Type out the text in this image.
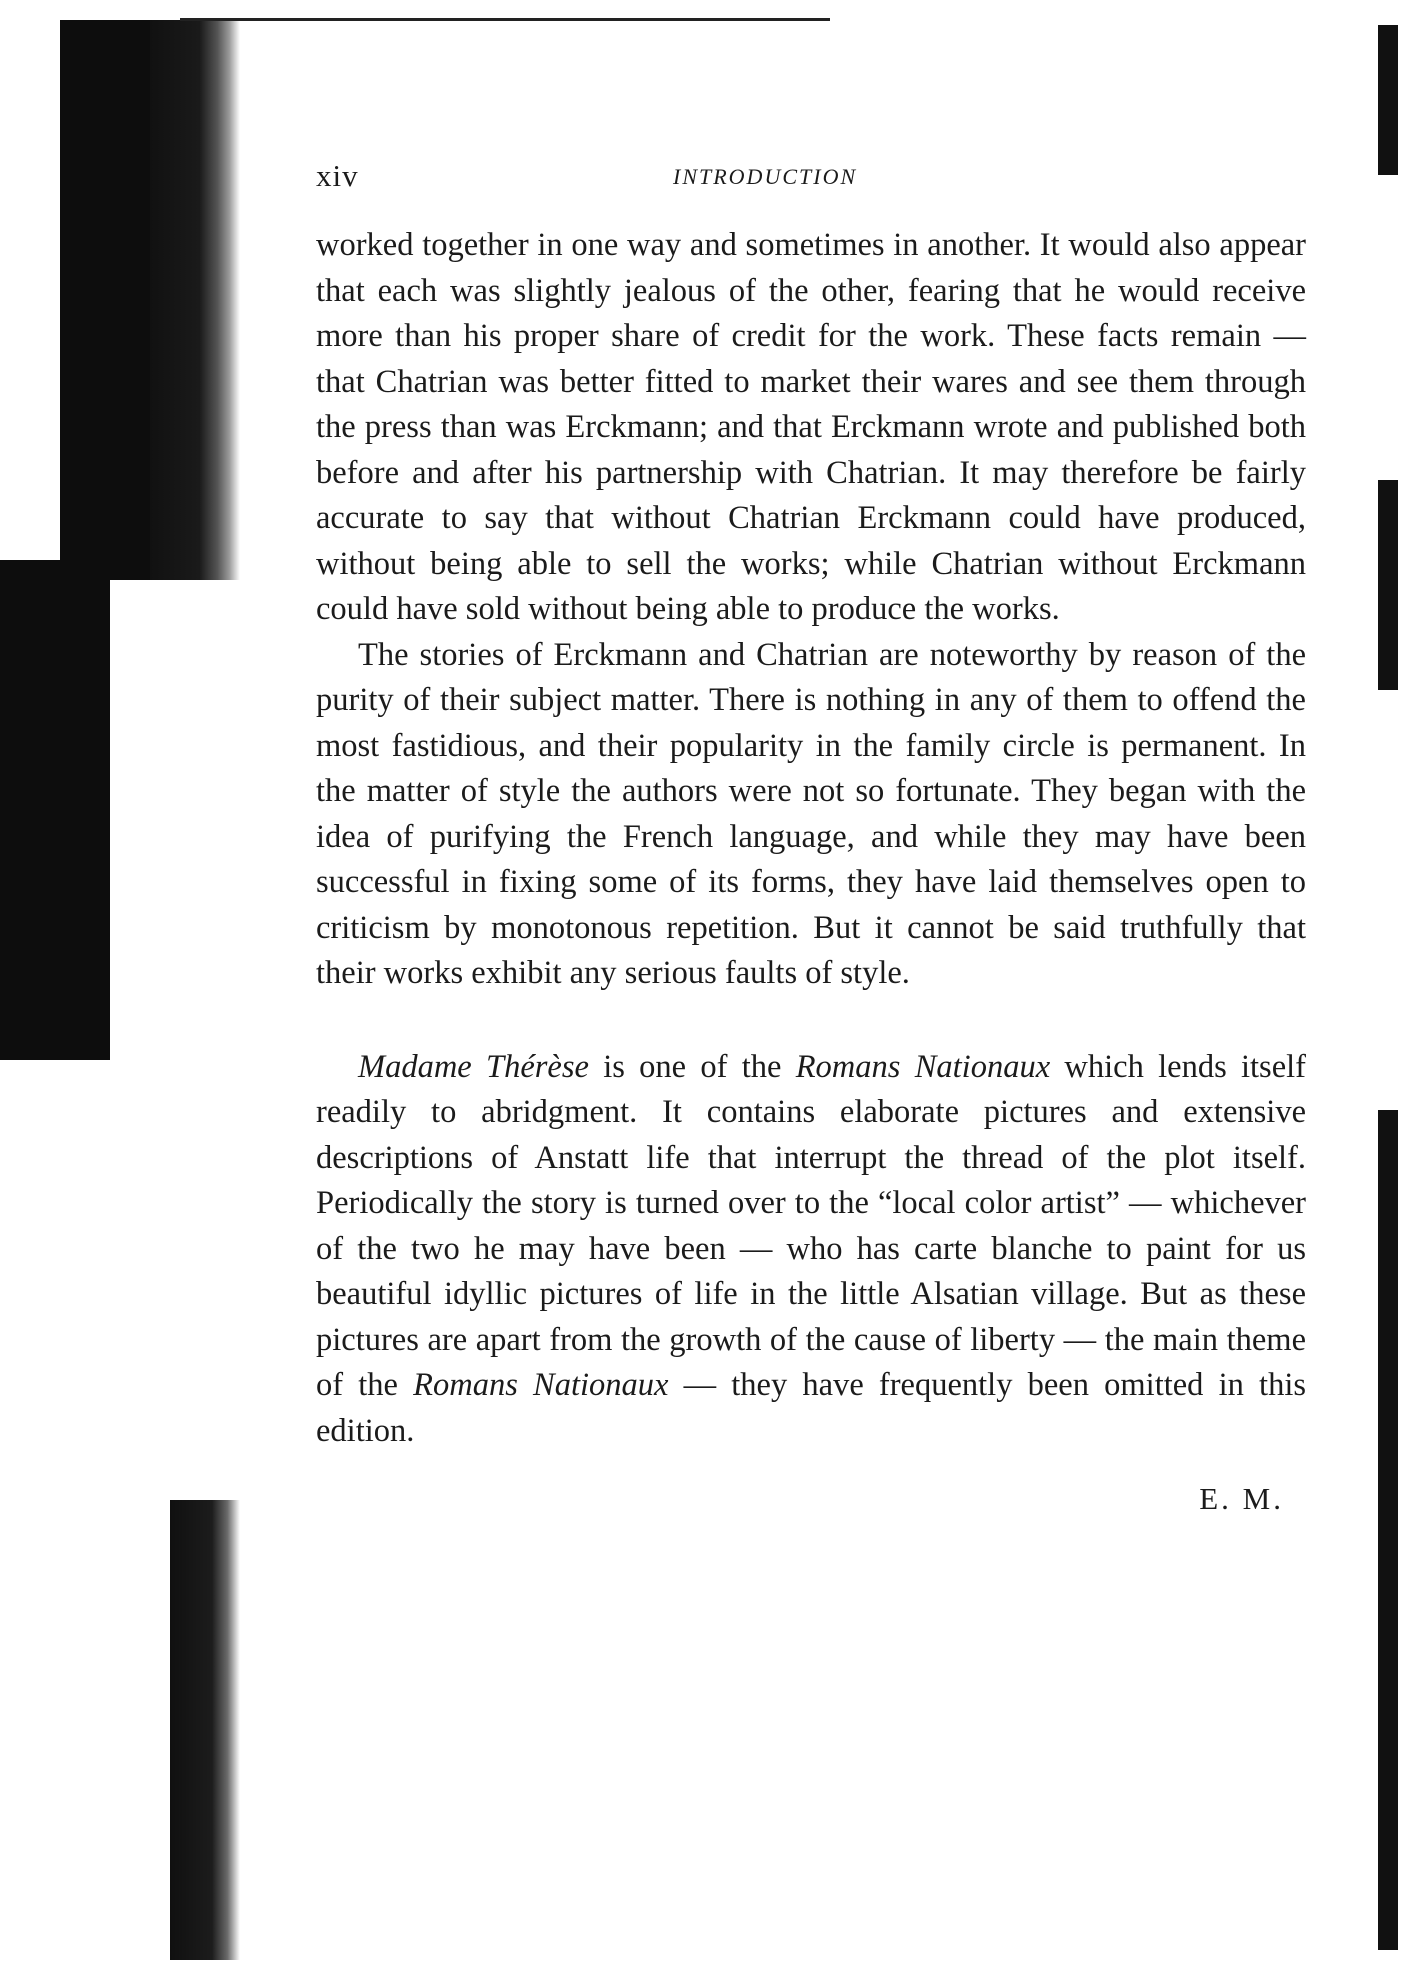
xiv	INTRODUCTION

worked together in one way and sometimes in another. It would also appear that each was slightly jealous of the other, fearing that he would receive more than his proper share of credit for the work. These facts remain — that Chatrian was better fitted to market their wares and see them through the press than was Erckmann; and that Erckmann wrote and published both before and after his partnership with Chatrian. It may therefore be fairly accurate to say that without Chatrian Erckmann could have produced, without being able to sell the works; while Chatrian without Erckmann could have sold without being able to produce the works.

The stories of Erckmann and Chatrian are noteworthy by reason of the purity of their subject matter. There is nothing in any of them to offend the most fastidious, and their popularity in the family circle is permanent. In the matter of style the authors were not so fortunate. They began with the idea of purifying the French language, and while they may have been successful in fixing some of its forms, they have laid themselves open to criticism by monotonous repetition. But it cannot be said truthfully that their works exhibit any serious faults of style.

Madame Thérèse is one of the Romans Nationaux which lends itself readily to abridgment. It contains elaborate pictures and extensive descriptions of Anstatt life that interrupt the thread of the plot itself. Periodically the story is turned over to the “local color artist” — whichever of the two he may have been — who has carte blanche to paint for us beautiful idyllic pictures of life in the little Alsatian village. But as these pictures are apart from the growth of the cause of liberty — the main theme of the Romans Nationaux — they have frequently been omitted in this edition.

E. M.
